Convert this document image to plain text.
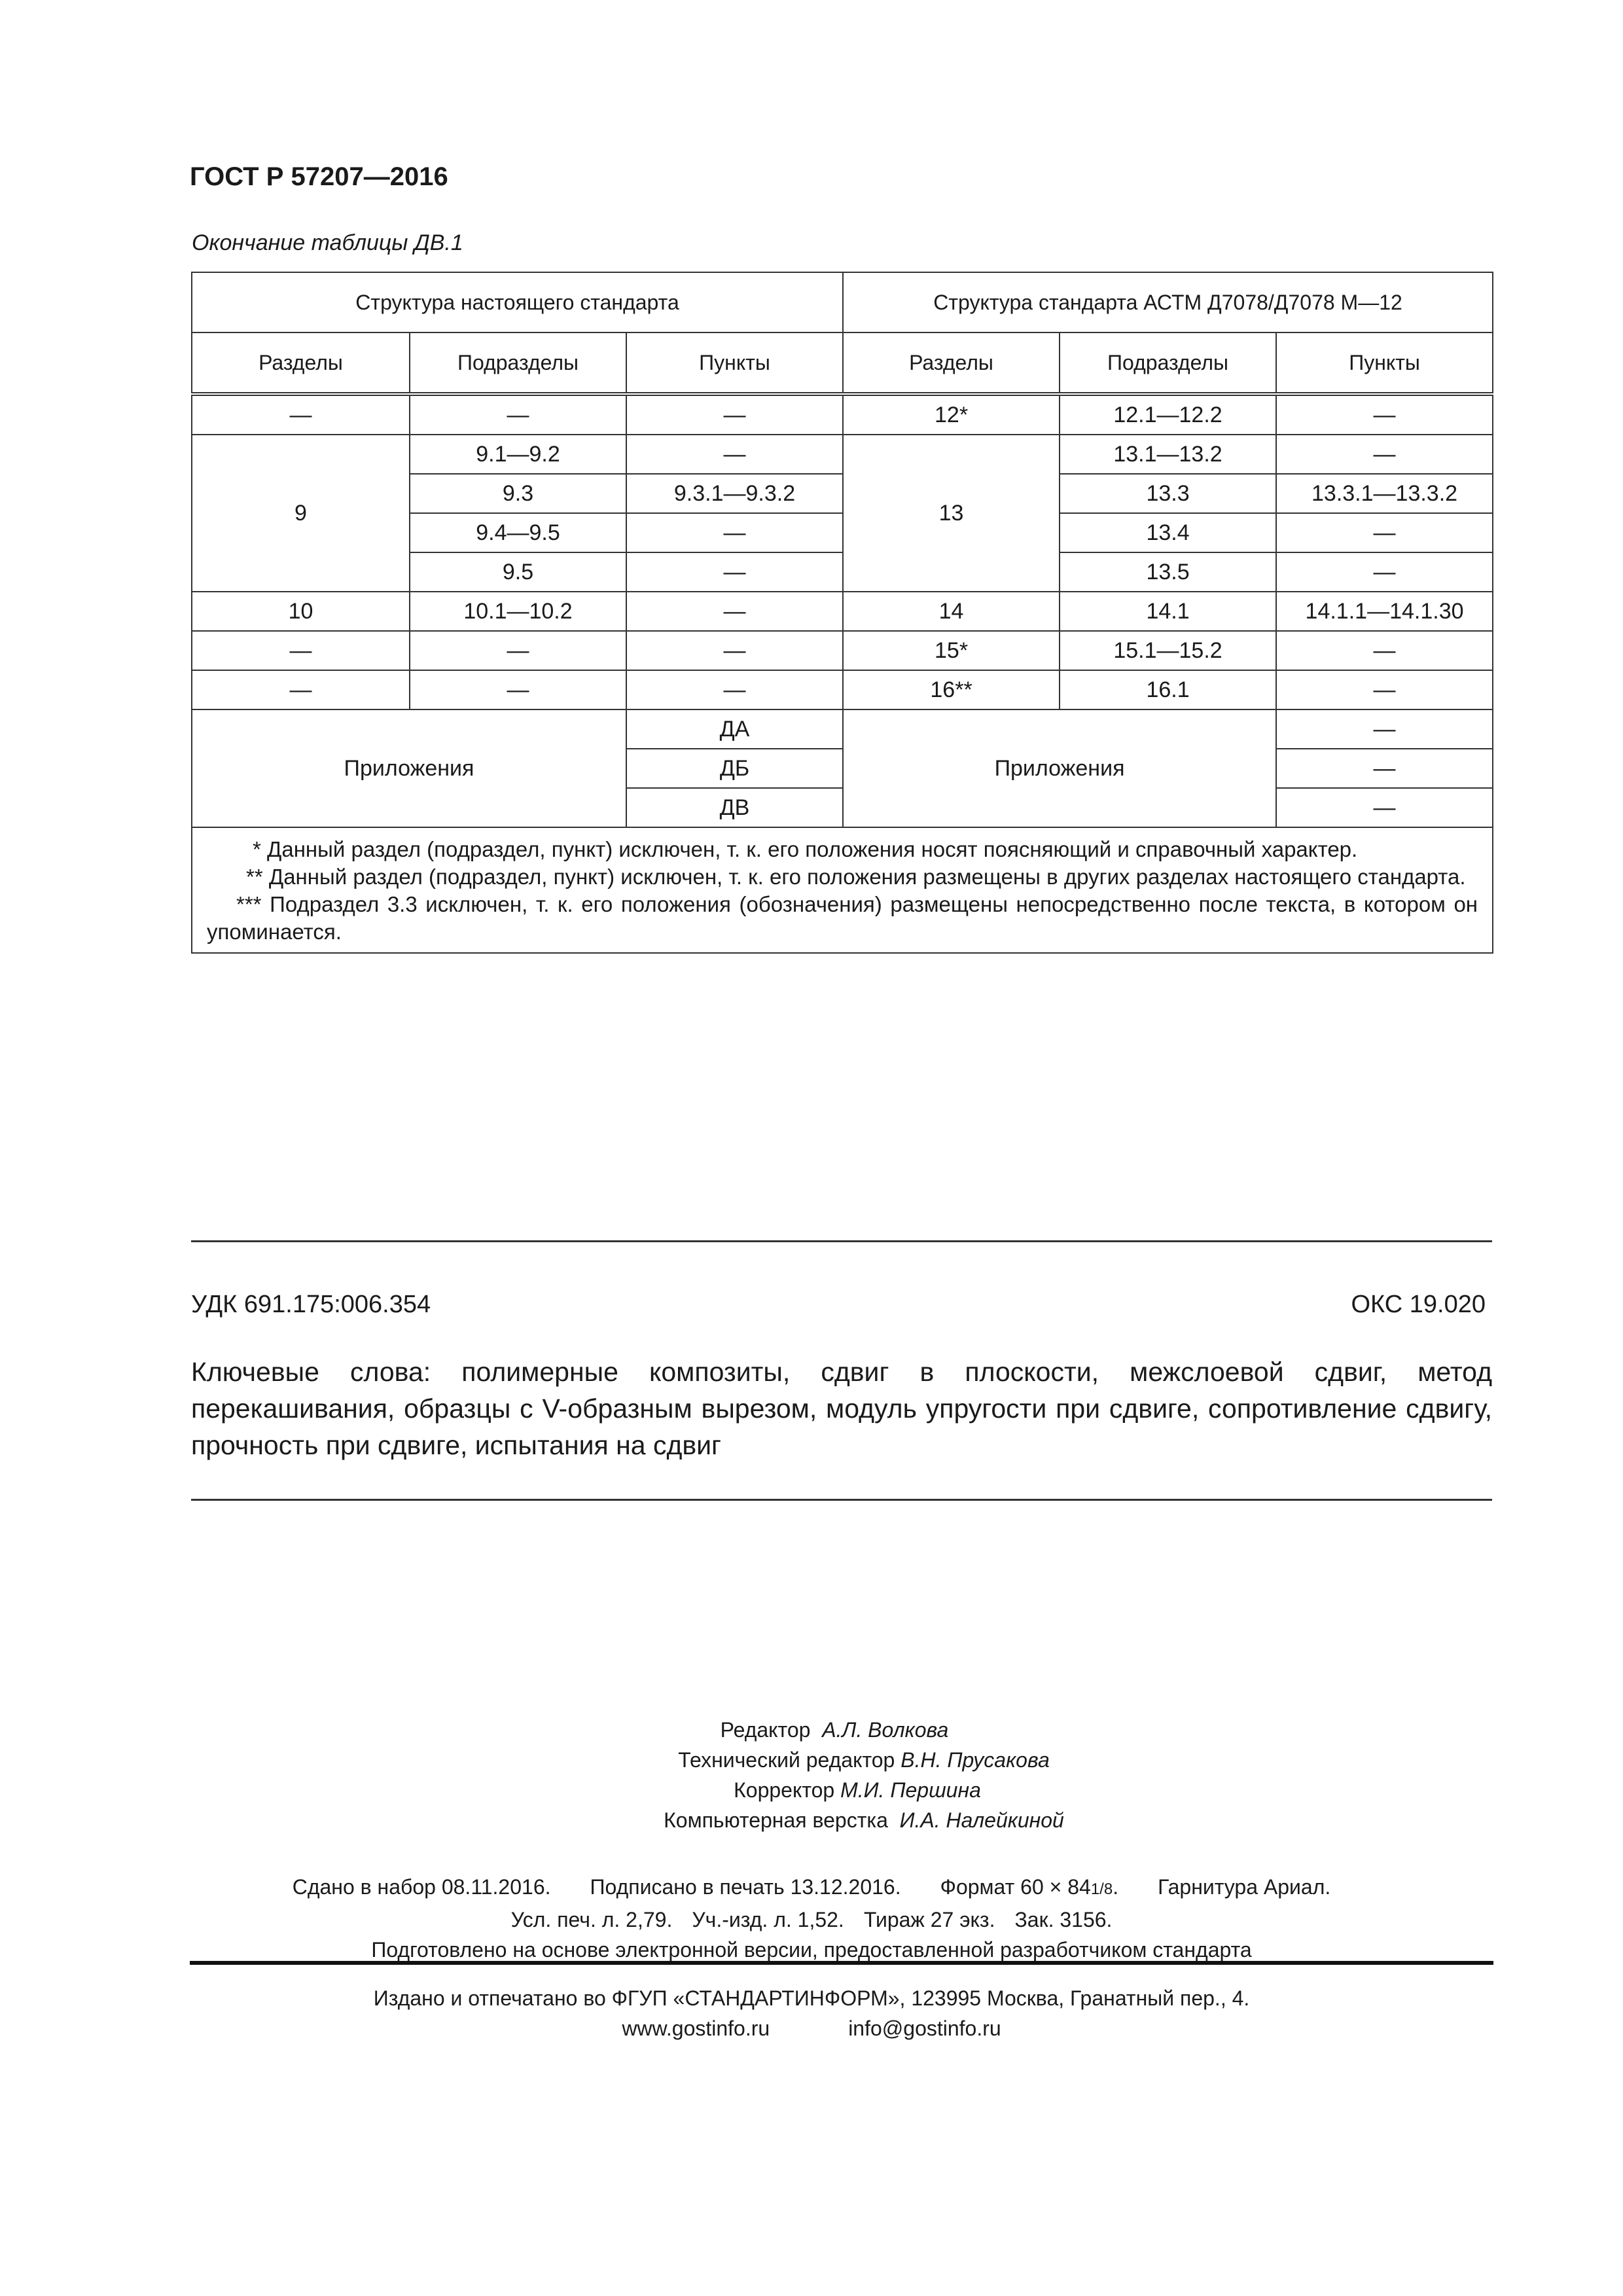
ГОСТ Р 57207—2016
Окончание таблицы ДВ.1
Структура настоящего стандарта			Структура стандарта АСТМ Д7078/Д7078 М—12		
Разделы	Подразделы	Пункты	Разделы	Подразделы	Пункты
—	—	—	12*	12.1—12.2	—
9	9.1—9.2	—	13	13.1—13.2	—
	9.3	9.3.1—9.3.2		13.3	13.3.1—13.3.2
	9.4—9.5	—		13.4	—
	9.5	—		13.5	—
10	10.1—10.2	—	14	14.1	14.1.1—14.1.30
—	—	—	15*	15.1—15.2	—
—	—	—	16**	16.1	—
Приложения		ДА	Приложения		—
		ДБ			—
		ДВ			—

* Данный раздел (подраздел, пункт) исключен, т. к. его положения носят поясняющий и справочный характер.
** Данный раздел (подраздел, пункт) исключен, т. к. его положения размещены в других разделах настоящего стандарта.
*** Подраздел 3.3 исключен, т. к. его положения (обозначения) размещены непосредственно после текста, в котором он упоминается.					
УДК 691.175:006.354	ОКС 19.020
Ключевые слова: полимерные композиты, сдвиг в плоскости, межслоевой сдвиг, метод перекашивания, образцы с V-образным вырезом, модуль упругости при сдвиге, сопротивление сдвигу, прочность при сдвиге, испытания на сдвиг
Редактор А.Л. Волкова
Технический редактор В.Н. Прусакова
Корректор М.И. Першина
Компьютерная верстка И.А. Налейкиной
Сдано в набор 08.11.2016. Подписано в печать 13.12.2016. Формат 60 × 841/8. Гарнитура Ариал.
Усл. печ. л. 2,79. Уч.-изд. л. 1,52. Тираж 27 экз. Зак. 3156.
Подготовлено на основе электронной версии, предоставленной разработчиком стандарта
Издано и отпечатано во ФГУП «СТАНДАРТИНФОРМ», 123995 Москва, Гранатный пер., 4.
www.gostinfo.ru	info@gostinfo.ru
